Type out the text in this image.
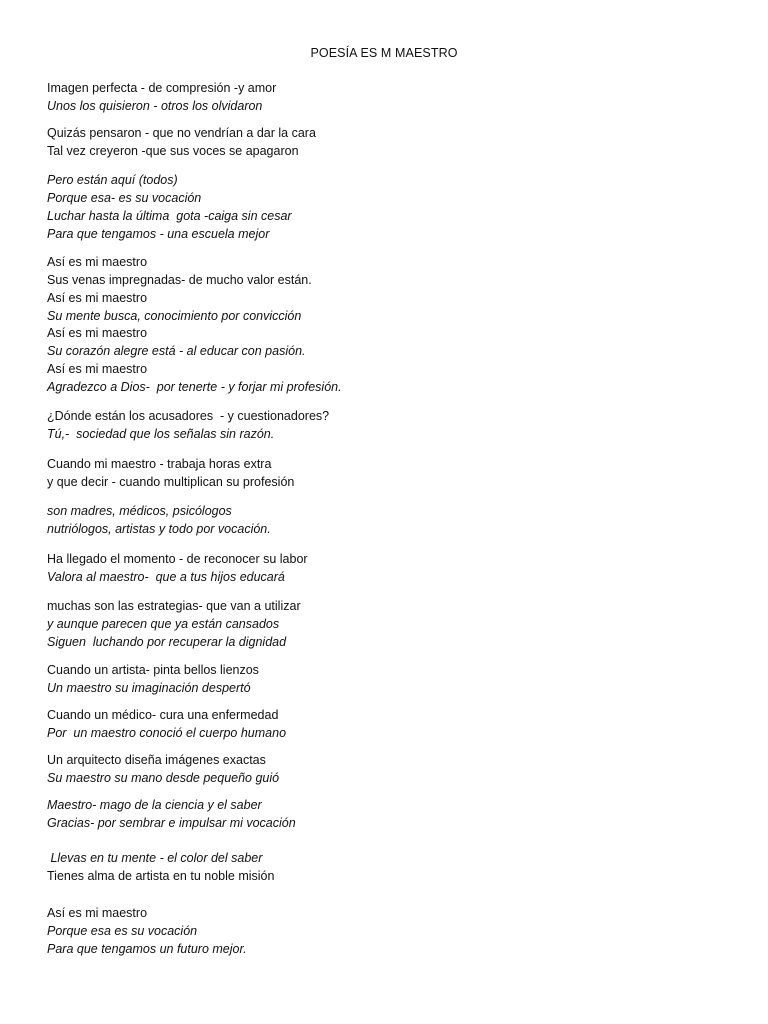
POESÍA ES M MAESTRO
Imagen perfecta - de compresión -y amor
Unos los quisieron - otros los olvidaron
Quizás pensaron - que no vendrían a dar la cara
Tal vez creyeron -que sus voces se apagaron
Pero están aquí (todos)
Porque esa- es su vocación
Luchar hasta la última  gota -caiga sin cesar
Para que tengamos - una escuela mejor
Así es mi maestro
Sus venas impregnadas- de mucho valor están.
Así es mi maestro
Su mente busca, conocimiento por convicción
Así es mi maestro
Su corazón alegre está - al educar con pasión.
Así es mi maestro
Agradezco a Dios-  por tenerte - y forjar mi profesión.
¿Dónde están los acusadores  - y cuestionadores?
Tú,-  sociedad que los señalas sin razón.
Cuando mi maestro - trabaja horas extra
y que decir - cuando multiplican su profesión
son madres, médicos, psicólogos
nutriólogos, artistas y todo por vocación.
Ha llegado el momento - de reconocer su labor
Valora al maestro-  que a tus hijos educará
muchas son las estrategias- que van a utilizar
y aunque parecen que ya están cansados
Siguen  luchando por recuperar la dignidad
Cuando un artista- pinta bellos lienzos
Un maestro su imaginación despertó
Cuando un médico- cura una enfermedad
Por  un maestro conoció el cuerpo humano
Un arquitecto diseña imágenes exactas
Su maestro su mano desde pequeño guió
Maestro- mago de la ciencia y el saber
Gracias- por sembrar e impulsar mi vocación
Llevas en tu mente - el color del saber
Tienes alma de artista en tu noble misión
Así es mi maestro
Porque esa es su vocación
Para que tengamos un futuro mejor.
